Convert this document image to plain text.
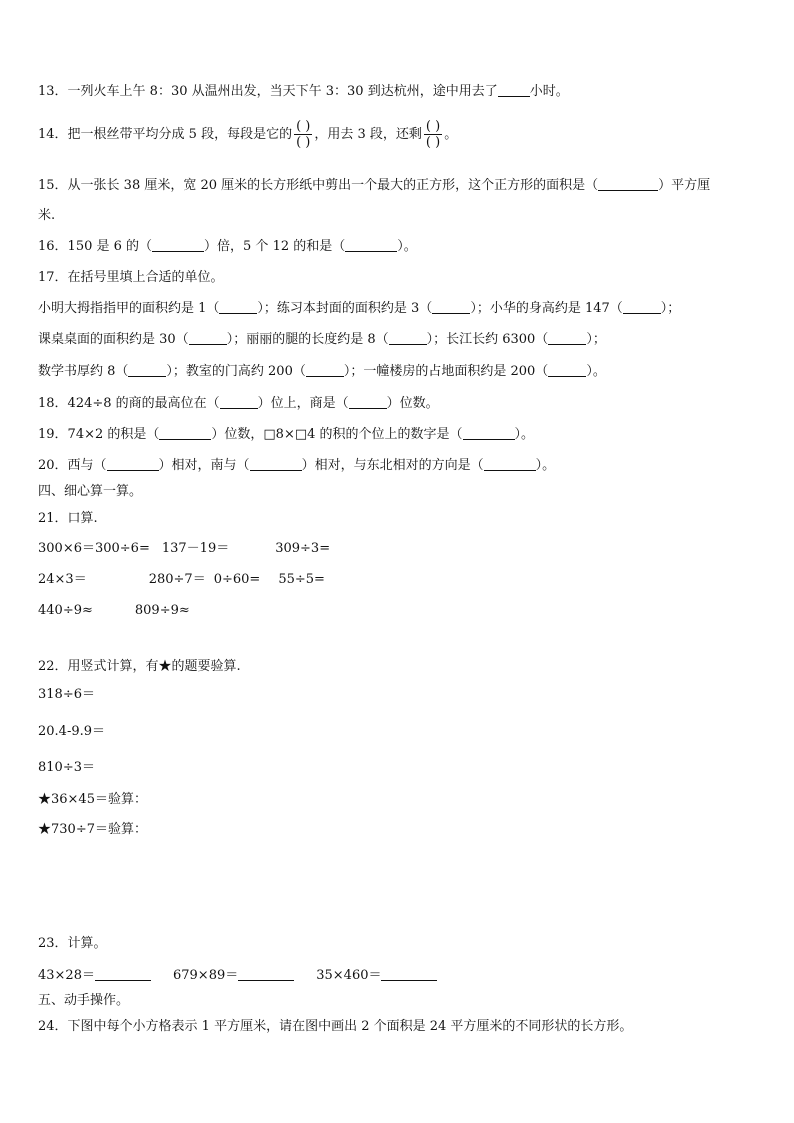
13．一列火车上午 8：30 从温州出发，当天下午 3：30 到达杭州，途中用去了 小时。
14．把一根丝带平均分成 5 段，每段是它的 $\frac{( )}{( )}$ ，用去 3 段，还剩 $\frac{( )}{( )}$ 。
15．从一张长 38 厘米，宽 20 厘米的长方形纸中剪出一个最大的正方形，这个正方形的面积是（	）平方厘
米.
16．150 是 6 的（	）倍，5 个 12 的和是（	）。
17．在括号里填上合适的单位。
小明大拇指指甲的面积约是 1（	）；练习本封面的面积约是 3（	）；小华的身高约是 147（	）；
课桌桌面的面积约是 30（	）；丽丽的腿的长度约是 8（	）；长江长约 6300（	）；
数学书厚约 8（	）；教室的门高约 200（	）；一幢楼房的占地面积约是 200（	）。
18．424÷8 的商的最高位在（	）位上，商是（	）位数。
19．74×2 的积是（	）位数，□8×□4 的积的个位上的数字是（	）。
20．西与（	）相对，南与（	）相对，与东北相对的方向是（	）。
四、细心算一算。
21．口算.
300×6＝300÷6= 137－19＝	309÷3=
24×3＝	280÷7＝ 0÷60= 55÷5=
440÷9≈	809÷9≈
22．用竖式计算，有★的题要验算.
318÷6＝
20.4-9.9＝
810÷3＝
★36×45＝验算：
★730÷7＝验算：
23．计算。
43×28＝	679×89＝	35×460＝
五、动手操作。
24．下图中每个小方格表示 1 平方厘米，请在图中画出 2 个面积是 24 平方厘米的不同形状的长方形。
